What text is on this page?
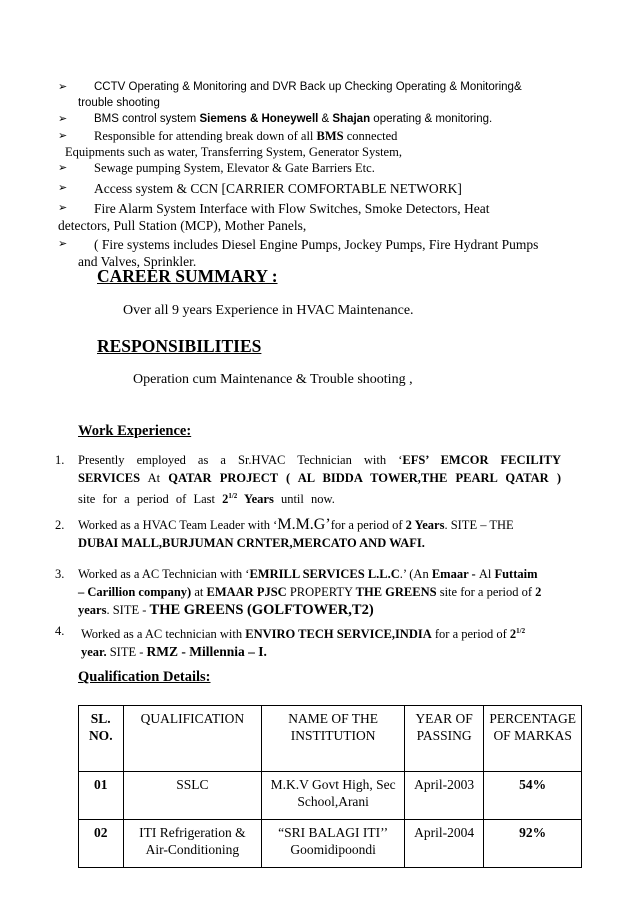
➢	CCTV Operating & Monitoring and DVR Back up Checking Operating & Monitoring&
trouble shooting
➢	BMS control system Siemens & Honeywell & Shajan operating & monitoring.
➢	Responsible for attending break down of all BMS connected
Equipments such as water, Transferring System, Generator System,
➢	Sewage pumping System, Elevator & Gate Barriers Etc.
➢	Access system & CCN [CARRIER COMFORTABLE NETWORK]
➢	Fire Alarm System Interface with Flow Switches, Smoke Detectors, Heat
detectors, Pull Station (MCP), Mother Panels,
➢	( Fire systems includes Diesel Engine Pumps, Jockey Pumps, Fire Hydrant Pumps
and Valves, Sprinkler.
CAREER SUMMARY :
Over all 9 years Experience in HVAC Maintenance.
RESPONSIBILITIES
Operation cum Maintenance & Trouble shooting ,
Work Experience:
1. Presently employed as a Sr.HVAC Technician with ‘EFS’ EMCOR FECILITY SERVICES At QATAR PROJECT ( AL BIDDA TOWER,THE PEARL QATAR ) site for a period of Last $2^{1/2}$ Years until now.
2. Worked as a HVAC Team Leader with ‘M.M.G’for a period of 2 Years. SITE – THE
DUBAI MALL,BURJUMAN CRNTER,MERCATO AND WAFI.
3. Worked as a AC Technician with ‘EMRILL SERVICES L.L.C.’ (An Emaar - Al Futtaim
– Carillion company) at EMAAR PJSC PROPERTY THE GREENS site for a period of 2
years. SITE - THE GREENS (GOLFTOWER,T2)
4. Worked as a AC technician with ENVIRO TECH SERVICE,INDIA for a period of $2^{1/2}$
year. SITE - RMZ - Millennia – I.
Qualification Details:
SL. NO.	QUALIFICATION	NAME OF THE INSTITUTION	YEAR OF PASSING	PERCENTAGE OF MARKAS
01	SSLC	M.K.V Govt High, Sec School,Arani	April-2003	54%
02	ITI Refrigeration & Air-Conditioning	“SRI BALAGI ITI’’ Goomidipoondi	April-2004	92%
